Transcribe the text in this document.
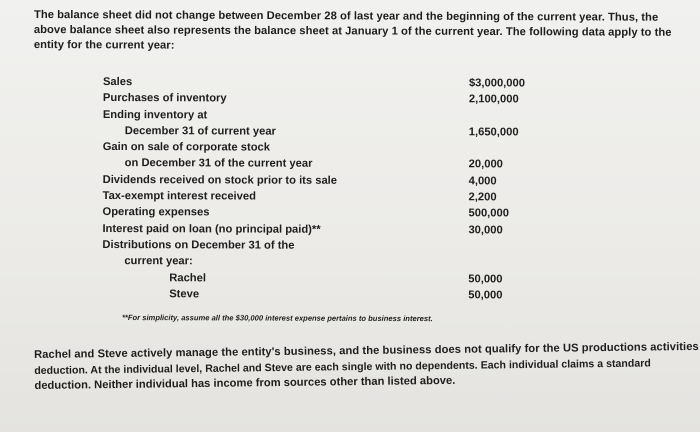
The balance sheet did not change between December 28 of last year and the beginning of the current year. Thus, the
above balance sheet also represents the balance sheet at January 1 of the current year. The following data apply to the
entity for the current year:
Sales	$3,000,000
Purchases of inventory	2,100,000
Ending inventory at
December 31 of current year	1,650,000
Gain on sale of corporate stock
on December 31 of the current year	20,000
Dividends received on stock prior to its sale	4,000
Tax-exempt interest received	2,200
Operating expenses	500,000
Interest paid on loan (no principal paid)**	30,000
Distributions on December 31 of the
current year:
Rachel	50,000
Steve	50,000
**For simplicity, assume all the $30,000 interest expense pertains to business interest.
Rachel and Steve actively manage the entity's business, and the business does not qualify for the US productions activities
deduction. At the individual level, Rachel and Steve are each single with no dependents. Each individual claims a standard
deduction. Neither individual has income from sources other than listed above.
